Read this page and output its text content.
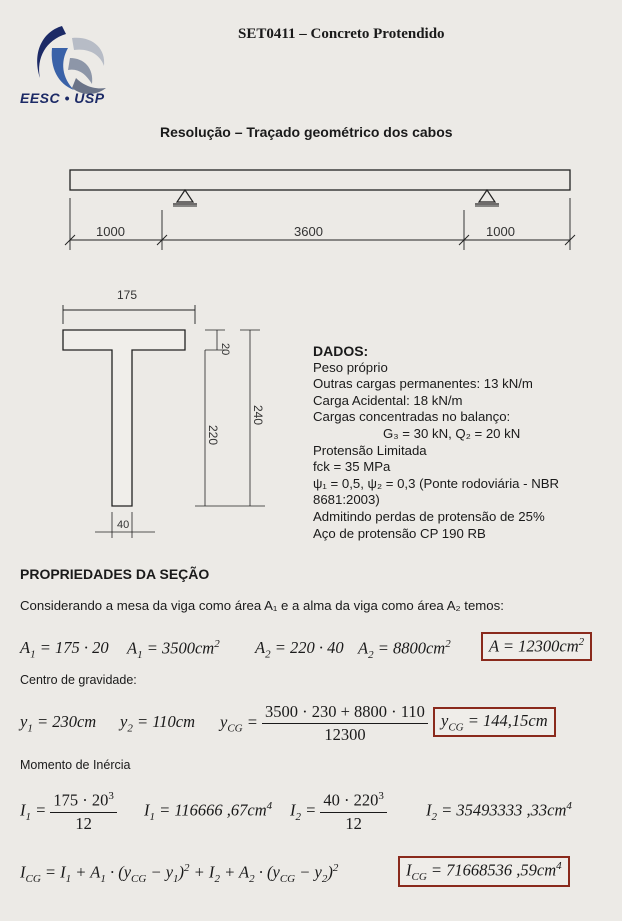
EESC • USP
SET0411 – Concreto Protendido
Resolução – Traçado geométrico dos cabos
1000	3600	1000
175
20
220
240
40
DADOS:
Peso próprio
Outras cargas permanentes: 13 kN/m
Carga Acidental: 18 kN/m
Cargas concentradas no balanço:
G₃ = 30 kN, Q₂ = 20 kN
Protensão Limitada
fck = 35 MPa
ψ₁ = 0,5, ψ₂ = 0,3 (Ponte rodoviária - NBR
8681:2003)
Admitindo perdas de protensão de 25%
Aço de protensão CP 190 RB
PROPRIEDADES DA SEÇÃO
Considerando a mesa da viga como área A₁ e a alma da viga como área A₂ temos:
$A_1 = 175 \cdot 20$ $A_1 = 3500cm^2$ $A_2 = 220 \cdot 40$ $A_2 = 8800cm^2$	$A = 12300cm^2$
Centro de gravidade:
$y_1 = 230cm$ $y_2 = 110cm$ $y_{CG} = \frac{3500 \cdot 230 + 8800 \cdot 110}{12300} y_{CG} = 144,15cm$
Momento de Inércia
$I_1 = \frac{175 \cdot 20^3}{12} I_1 = 116666$ $,67cm^4$ $I_2 = \frac{40 \cdot 220^3}{12} I_2 = 35493333$ $,33cm^4$
$I_{CG} = I_1 + A_1 \cdot (y_{CG} - y_1)^2 + I_2 + A_2 \cdot (y_{CG} - y_2)^2$	$I_{CG} = 71668536$ $,59cm^4$
